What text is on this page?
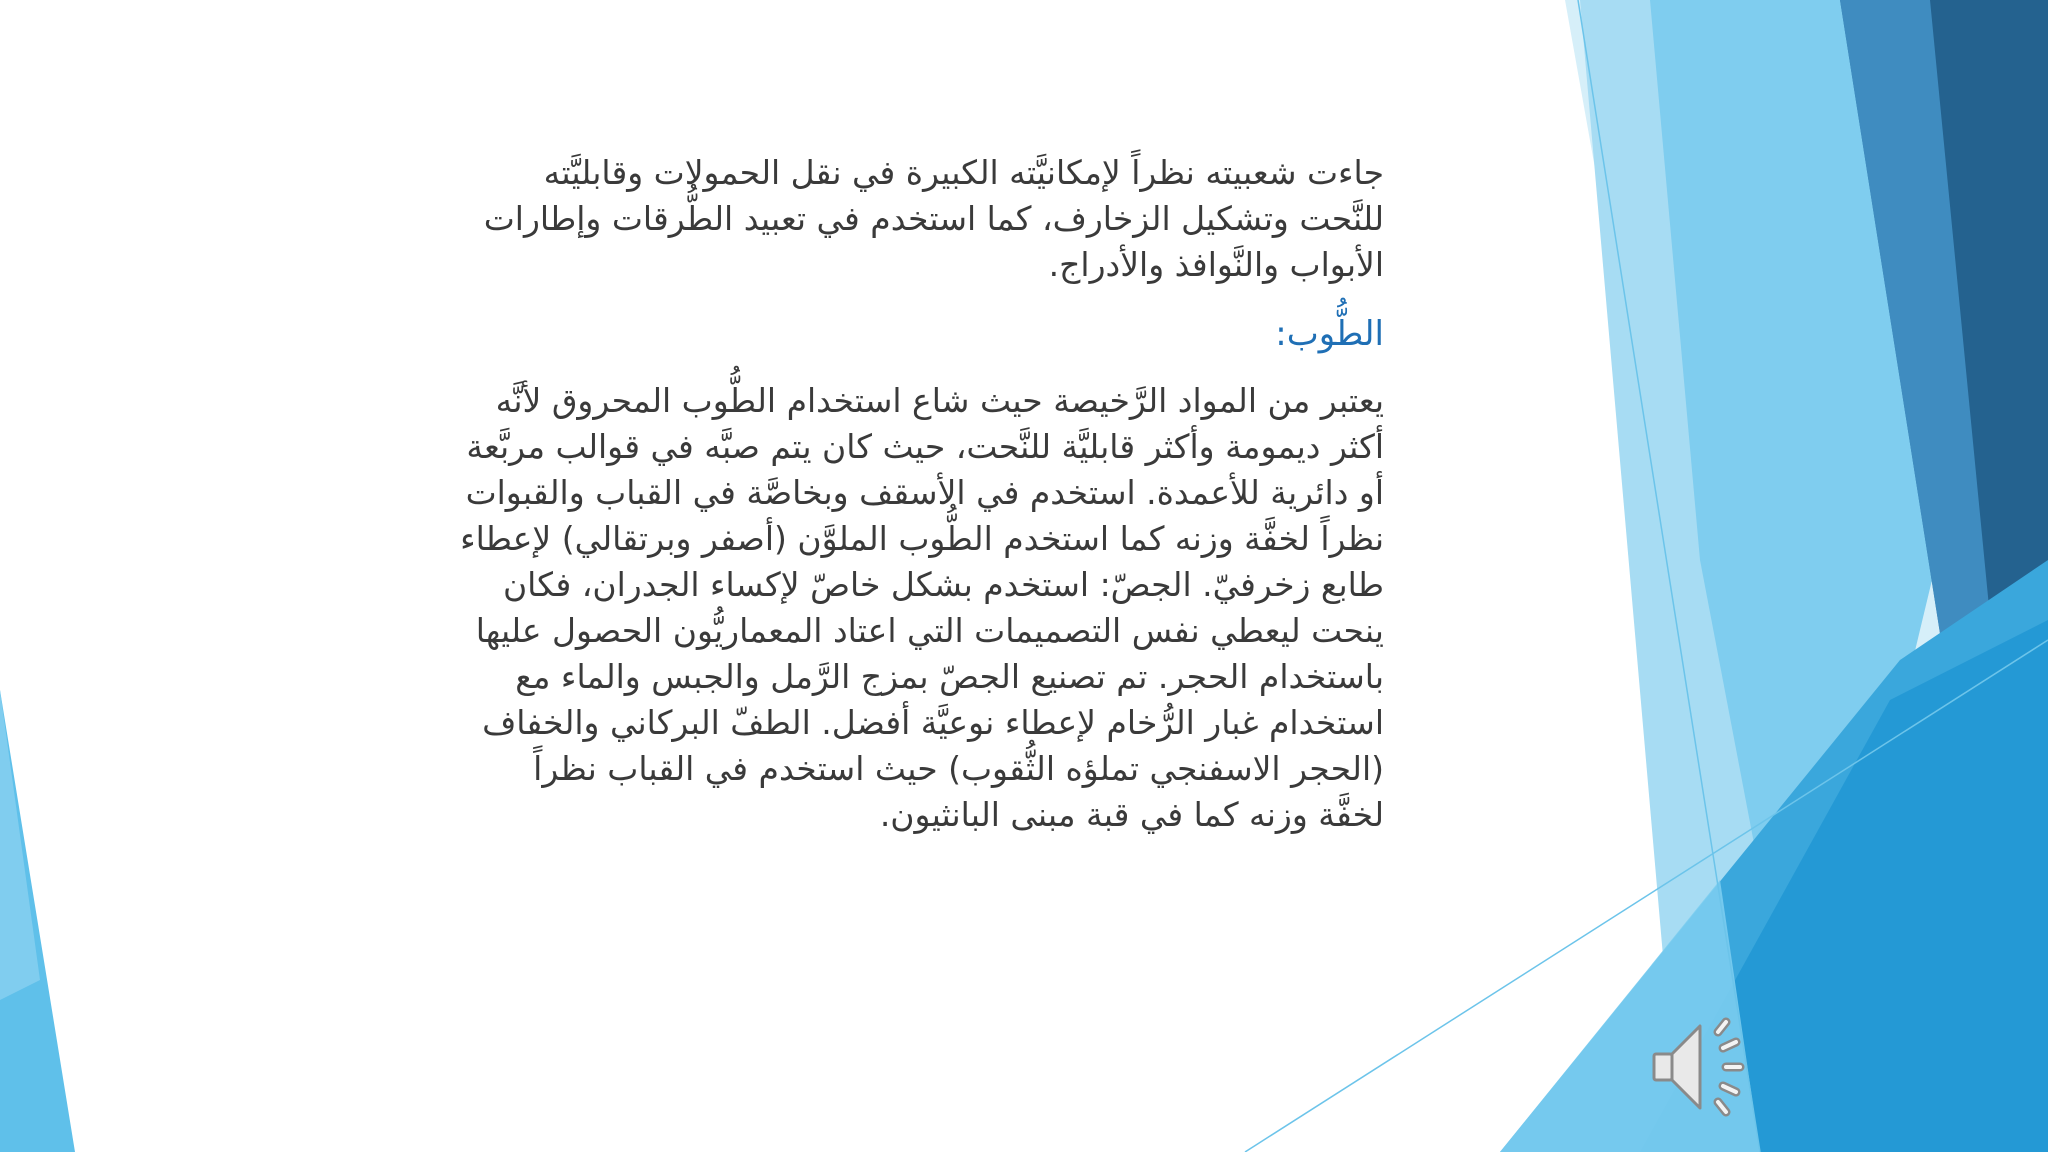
جاءت شعبيته نظراً لإمكانيَّته الكبيرة في نقل الحمولات وقابليَّته للنَّحت وتشكيل الزخارف، كما استخدم في تعبيد الطُّرقات وإطارات الأبواب والنَّوافذ والأدراج.
الطُّوب:
يعتبر من المواد الرَّخيصة حيث شاع استخدام الطُّوب المحروق لأنَّه أكثر ديمومة وأكثر قابليَّة للنَّحت، حيث كان يتم صبَّه في قوالب مربَّعة أو دائرية للأعمدة. استخدم في الأسقف وبخاصَّة في القباب والقبوات نظراً لخفَّة وزنه كما استخدم الطُّوب الملوَّن (أصفر وبرتقالي) لإعطاء طابع زخرفيّ. الجصّ: استخدم بشكل خاصّ لإكساء الجدران، فكان ينحت ليعطي نفس التصميمات التي اعتاد المعماريُّون الحصول عليها باستخدام الحجر. تم تصنيع الجصّ بمزج الرَّمل والجبس والماء مع استخدام غبار الرُّخام لإعطاء نوعيَّة أفضل. الطفّ البركاني والخفاف (الحجر الاسفنجي تملؤه الثُّقوب) حيث استخدم في القباب نظراً لخفَّة وزنه كما في قبة مبنى البانثيون.
